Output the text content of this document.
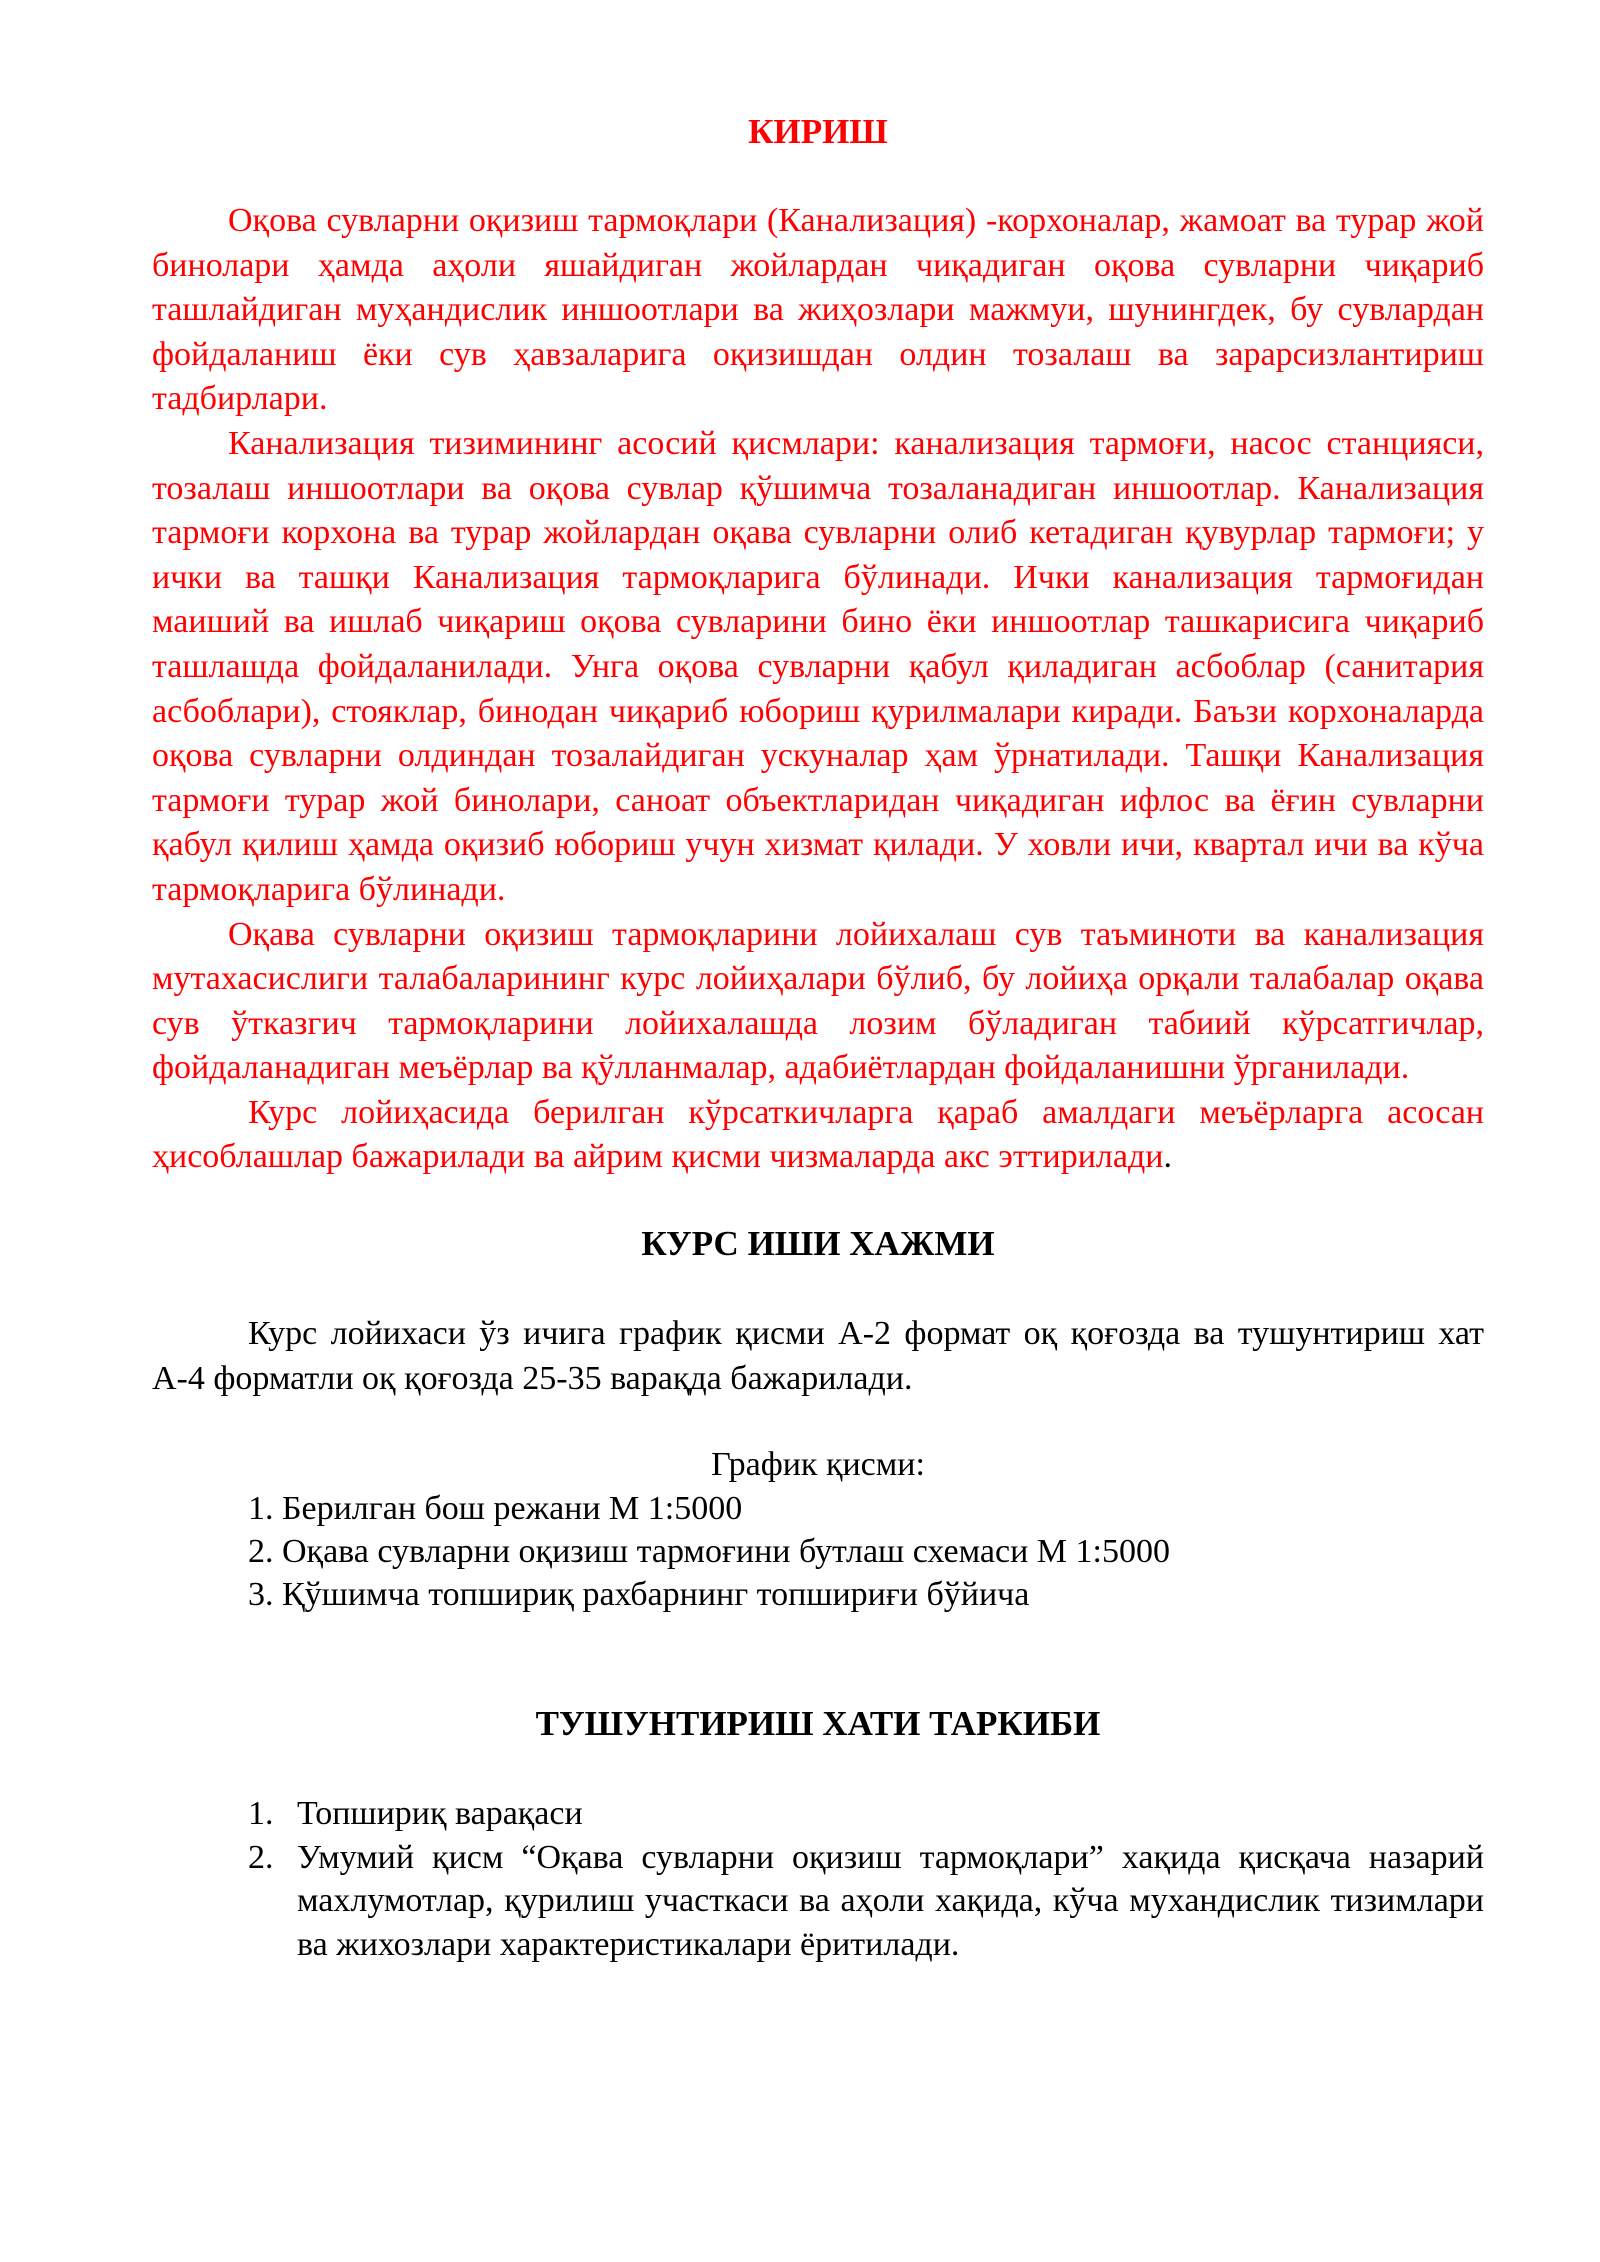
КИРИШ

Оқова сувларни оқизиш тармоқлари (Канализация) -корхоналар, жамоат ва турар жой бинолари ҳамда аҳоли яшайдиган жойлардан чиқадиган оқова сувларни чиқариб ташлайдиган муҳандислик иншоотлари ва жиҳозлари мажмуи, шунингдек, бу сувлардан фойдаланиш ёки сув ҳавзаларига оқизишдан олдин тозалаш ва зарарсизлантириш тадбирлари.

Канализация тизимининг асосий қисмлари: канализация тармоғи, насос станцияси, тозалаш иншоотлари ва оқова сувлар қўшимча тозаланадиган иншоотлар. Канализация тармоғи корхона ва турар жойлардан оқава сувларни олиб кетадиган қувурлар тармоғи; у ички ва ташқи Канализация тармоқларига бўлинади. Ички канализация тармоғидан маиший ва ишлаб чиқариш оқова сувларини бино ёки иншоотлар ташкарисига чиқариб ташлашда фойдаланилади. Унга оқова сувларни қабул қиладиган асбоблар (санитария асбоблари), стояклар, бинодан чиқариб юбориш қурилмалари киради. Баъзи корхоналарда оқова сувларни олдиндан тозалайдиган ускуналар ҳам ўрнатилади. Ташқи Канализация тармоғи турар жой бинолари, саноат объектларидан чиқадиган ифлос ва ёғин сувларни қабул қилиш ҳамда оқизиб юбориш учун хизмат қилади. У ховли ичи, квартал ичи ва кўча тармоқларига бўлинади.

Оқава сувларни оқизиш тармоқларини лойихалаш сув таъминоти ва канализация мутахасислиги талабаларининг курс лойиҳалари бўлиб, бу лойиҳа орқали талабалар оқава сув ўтказгич тармоқларини лойихалашда лозим бўладиган табиий кўрсатгичлар, фойдаланадиган меъёрлар ва қўлланмалар, адабиётлардан фойдаланишни ўрганилади.

Курс лойиҳасида берилган кўрсаткичларга қараб амалдаги меъёрларга асосан ҳисоблашлар бажарилади ва айрим қисми чизмаларда акс эттирилади.

КУРС ИШИ ХАЖМИ

Курс лойихаси ўз ичига график қисми А-2 формат оқ қоғозда ва тушунтириш хат А-4 форматли оқ қоғозда 25-35 варақда бажарилади.

График қисми:
1. Берилган бош режани М 1:5000
2. Оқава сувларни оқизиш тармоғини бутлаш схемаси М 1:5000
3. Қўшимча топшириқ рахбарнинг топшириғи бўйича
ТУШУНТИРИШ ХАТИ ТАРКИБИ
1. Топшириқ варақаси
2. Умумий қисм “Оқава сувларни оқизиш тармоқлари” хақида қисқача назарий махлумотлар, қурилиш участкаси ва аҳоли хақида, кўча мухандислик тизимлари ва жихозлари характеристикалари ёритилади.
